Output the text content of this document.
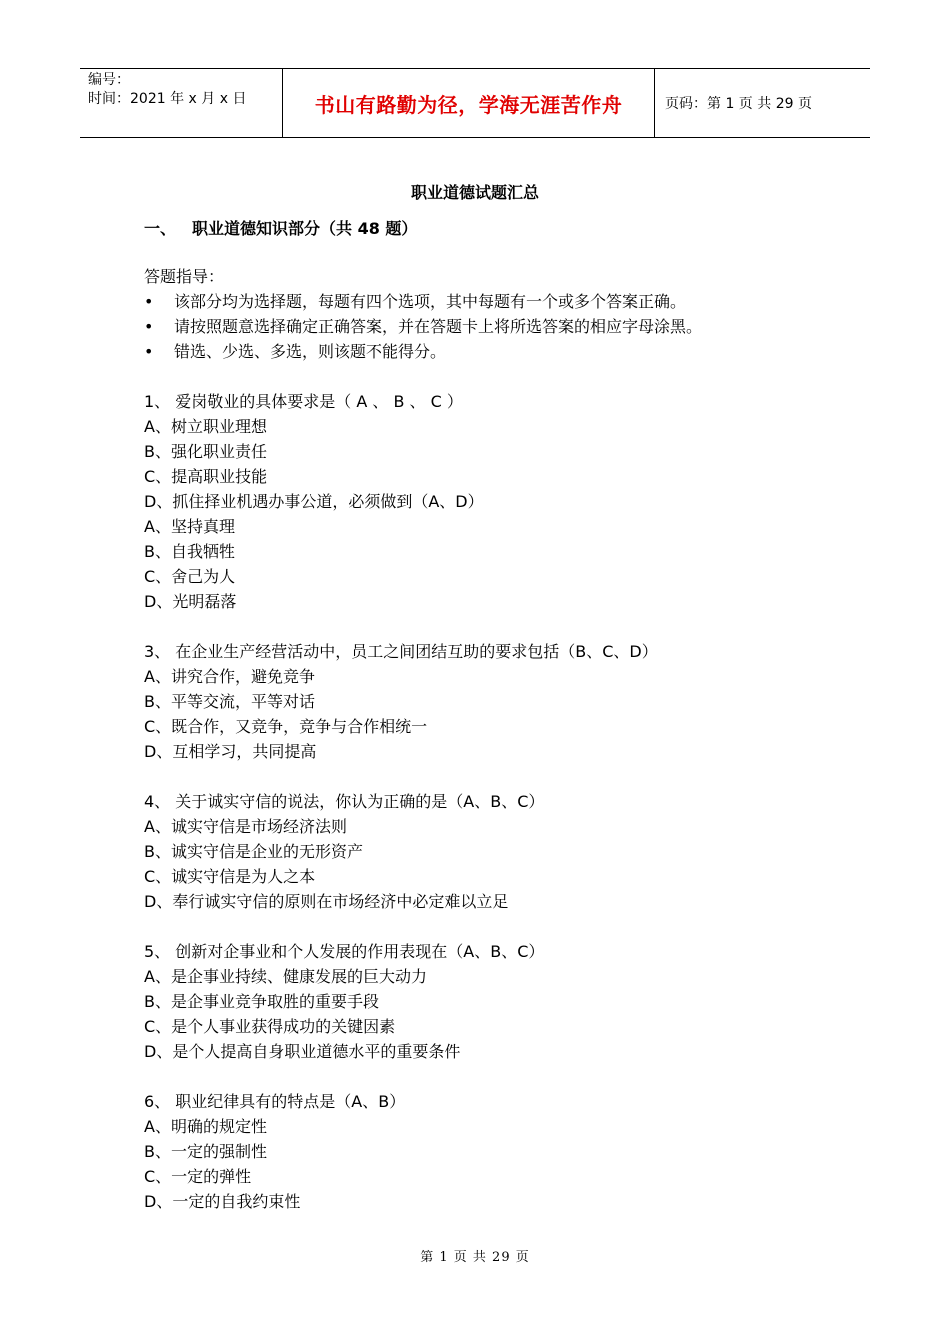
编号：
时间：2021 年 x 月 x 日	书山有路勤为径，学海无涯苦作舟	页码：第 1 页 共 29 页
职业道德试题汇总
一、 职业道德知识部分（共 48 题）
答题指导：
• 该部分均为选择题，每题有四个选项，其中每题有一个或多个答案正确。
• 请按照题意选择确定正确答案，并在答题卡上将所选答案的相应字母涂黑。
• 错选、少选、多选，则该题不能得分。
1、 爱岗敬业的具体要求是（ A 、 B 、 C ）
A、树立职业理想
B、强化职业责任
C、提高职业技能
D、抓住择业机遇办事公道，必须做到（A、D）
A、坚持真理
B、自我牺牲
C、舍己为人
D、光明磊落
3、 在企业生产经营活动中，员工之间团结互助的要求包括（B、C、D）
A、讲究合作，避免竞争
B、平等交流，平等对话
C、既合作，又竞争，竞争与合作相统一
D、互相学习，共同提高
4、 关于诚实守信的说法，你认为正确的是（A、B、C）
A、诚实守信是市场经济法则
B、诚实守信是企业的无形资产
C、诚实守信是为人之本
D、奉行诚实守信的原则在市场经济中必定难以立足
5、 创新对企事业和个人发展的作用表现在（A、B、C）
A、是企事业持续、健康发展的巨大动力
B、是企事业竞争取胜的重要手段
C、是个人事业获得成功的关键因素
D、是个人提高自身职业道德水平的重要条件
6、 职业纪律具有的特点是（A、B）
A、明确的规定性
B、一定的强制性
C、一定的弹性
D、一定的自我约束性
第 1 页 共 29 页
